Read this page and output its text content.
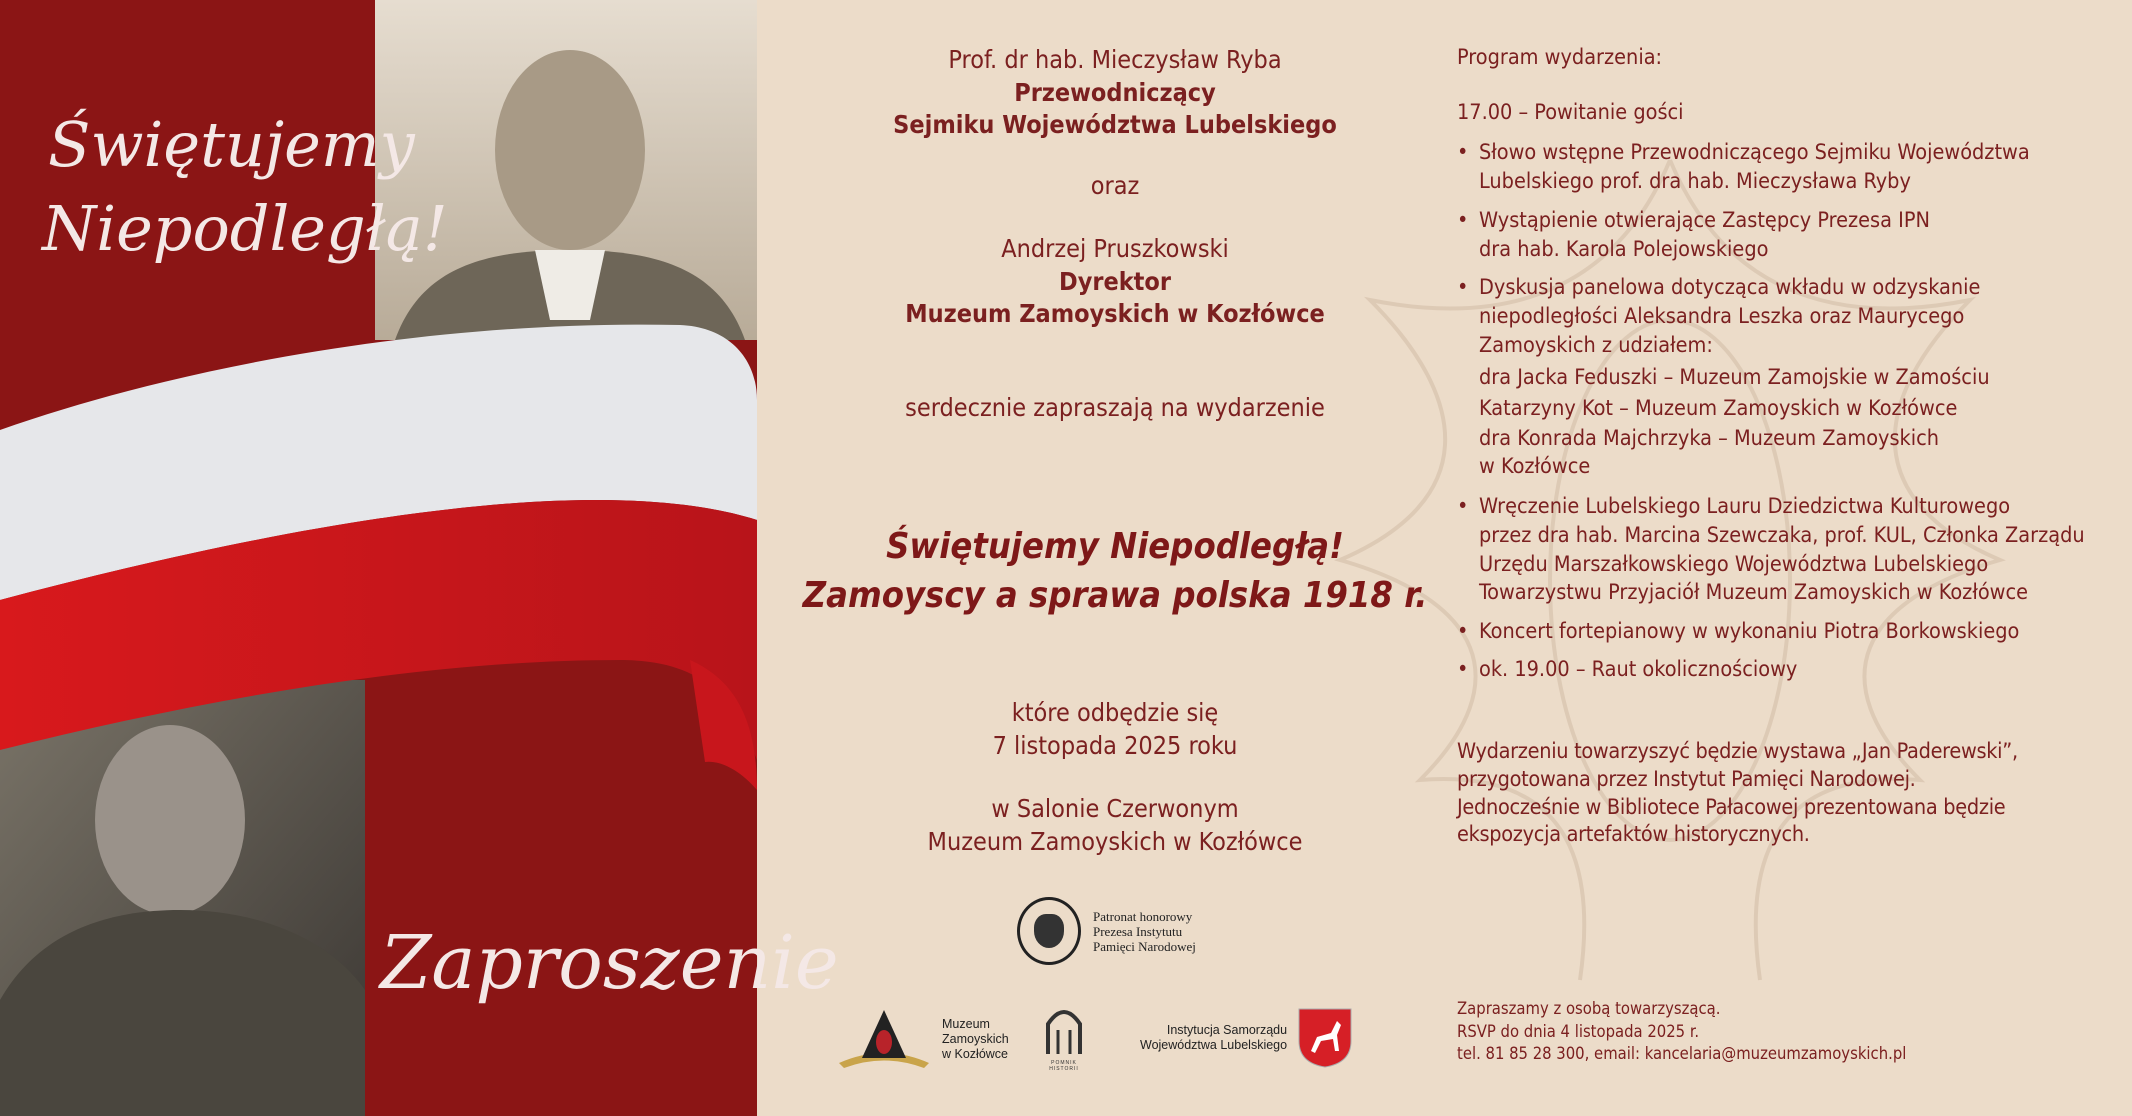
Świętujemy
Niepodległą!
Zaproszenie
Prof. dr hab. Mieczysław Ryba
Przewodniczący
Sejmiku Województwa Lubelskiego
oraz
Andrzej Pruszkowski
Dyrektor
Muzeum Zamoyskich w Kozłówce
serdecznie zapraszają na wydarzenie
Świętujemy Niepodległą!
Zamoyscy a sprawa polska 1918 r.
które odbędzie się
7 listopada 2025 roku
w Salonie Czerwonym
Muzeum Zamoyskich w Kozłówce
Patronat honorowy
Prezesa Instytutu
Pamięci Narodowej
Muzeum
Zamoyskich
w Kozłówce
POMNIK HISTORII
Instytucja Samorządu
Województwa Lubelskiego
Program wydarzenia:
17.00 – Powitanie gości
• Słowo wstępne Przewodniczącego Sejmiku Województwa
Lubelskiego prof. dra hab. Mieczysława Ryby
• Wystąpienie otwierające Zastępcy Prezesa IPN
dra hab. Karola Polejowskiego
• Dyskusja panelowa dotycząca wkładu w odzyskanie
niepodległości Aleksandra Leszka oraz Maurycego
Zamoyskich z udziałem:
dra Jacka Feduszki – Muzeum Zamojskie w Zamościu
Katarzyny Kot – Muzeum Zamoyskich w Kozłówce
dra Konrada Majchrzyka – Muzeum Zamoyskich
w Kozłówce
• Wręczenie Lubelskiego Lauru Dziedzictwa Kulturowego
przez dra hab. Marcina Szewczaka, prof. KUL, Członka Zarządu
Urzędu Marszałkowskiego Województwa Lubelskiego
Towarzystwu Przyjaciół Muzeum Zamoyskich w Kozłówce
• Koncert fortepianowy w wykonaniu Piotra Borkowskiego
• ok. 19.00 – Raut okolicznościowy
Wydarzeniu towarzyszyć będzie wystawa „Jan Paderewski”,
przygotowana przez Instytut Pamięci Narodowej.
Jednocześnie w Bibliotece Pałacowej prezentowana będzie
ekspozycja artefaktów historycznych.
Zapraszamy z osobą towarzyszącą.
RSVP do dnia 4 listopada 2025 r.
tel. 81 85 28 300, email: kancelaria@muzeumzamoyskich.pl
